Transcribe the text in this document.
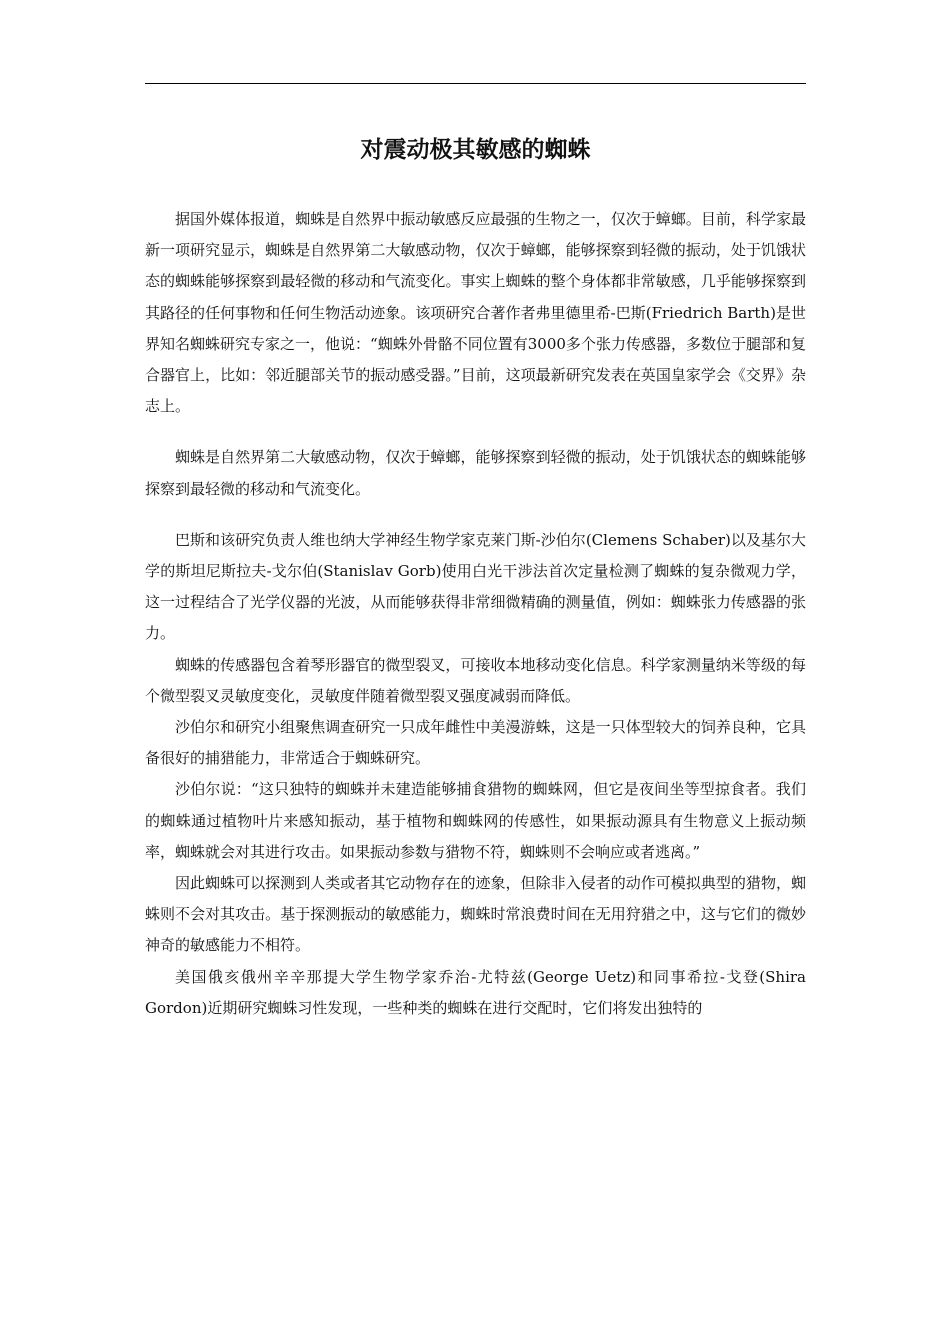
对震动极其敏感的蜘蛛

据国外媒体报道，蜘蛛是自然界中振动敏感反应最强的生物之一，仅次于蟑螂。目前，科学家最新一项研究显示，蜘蛛是自然界第二大敏感动物，仅次于蟑螂，能够探察到轻微的振动，处于饥饿状态的蜘蛛能够探察到最轻微的移动和气流变化。事实上蜘蛛的整个身体都非常敏感，几乎能够探察到其路径的任何事物和任何生物活动迹象。该项研究合著作者弗里德里希-巴斯(Friedrich Barth)是世界知名蜘蛛研究专家之一，他说：“蜘蛛外骨骼不同位置有3000多个张力传感器，多数位于腿部和复合器官上，比如：邻近腿部关节的振动感受器。”目前，这项最新研究发表在英国皇家学会《交界》杂志上。

蜘蛛是自然界第二大敏感动物，仅次于蟑螂，能够探察到轻微的振动，处于饥饿状态的蜘蛛能够探察到最轻微的移动和气流变化。

巴斯和该研究负责人维也纳大学神经生物学家克莱门斯-沙伯尔(Clemens Schaber)以及基尔大学的斯坦尼斯拉夫-戈尔伯(Stanislav Gorb)使用白光干涉法首次定量检测了蜘蛛的复杂微观力学，这一过程结合了光学仪器的光波，从而能够获得非常细微精确的测量值，例如：蜘蛛张力传感器的张力。

蜘蛛的传感器包含着琴形器官的微型裂叉，可接收本地移动变化信息。科学家测量纳米等级的每个微型裂叉灵敏度变化，灵敏度伴随着微型裂叉强度减弱而降低。

沙伯尔和研究小组聚焦调查研究一只成年雌性中美漫游蛛，这是一只体型较大的饲养良种，它具备很好的捕猎能力，非常适合于蜘蛛研究。

沙伯尔说：“这只独特的蜘蛛并未建造能够捕食猎物的蜘蛛网，但它是夜间坐等型掠食者。我们的蜘蛛通过植物叶片来感知振动，基于植物和蜘蛛网的传感性，如果振动源具有生物意义上振动频率，蜘蛛就会对其进行攻击。如果振动参数与猎物不符，蜘蛛则不会响应或者逃离。”

因此蜘蛛可以探测到人类或者其它动物存在的迹象，但除非入侵者的动作可模拟典型的猎物，蜘蛛则不会对其攻击。基于探测振动的敏感能力，蜘蛛时常浪费时间在无用狩猎之中，这与它们的微妙神奇的敏感能力不相符。

美国俄亥俄州辛辛那提大学生物学家乔治-尤特兹(George Uetz)和同事希拉-戈登(Shira Gordon)近期研究蜘蛛习性发现，一些种类的蜘蛛在进行交配时，它们将发出独特的
